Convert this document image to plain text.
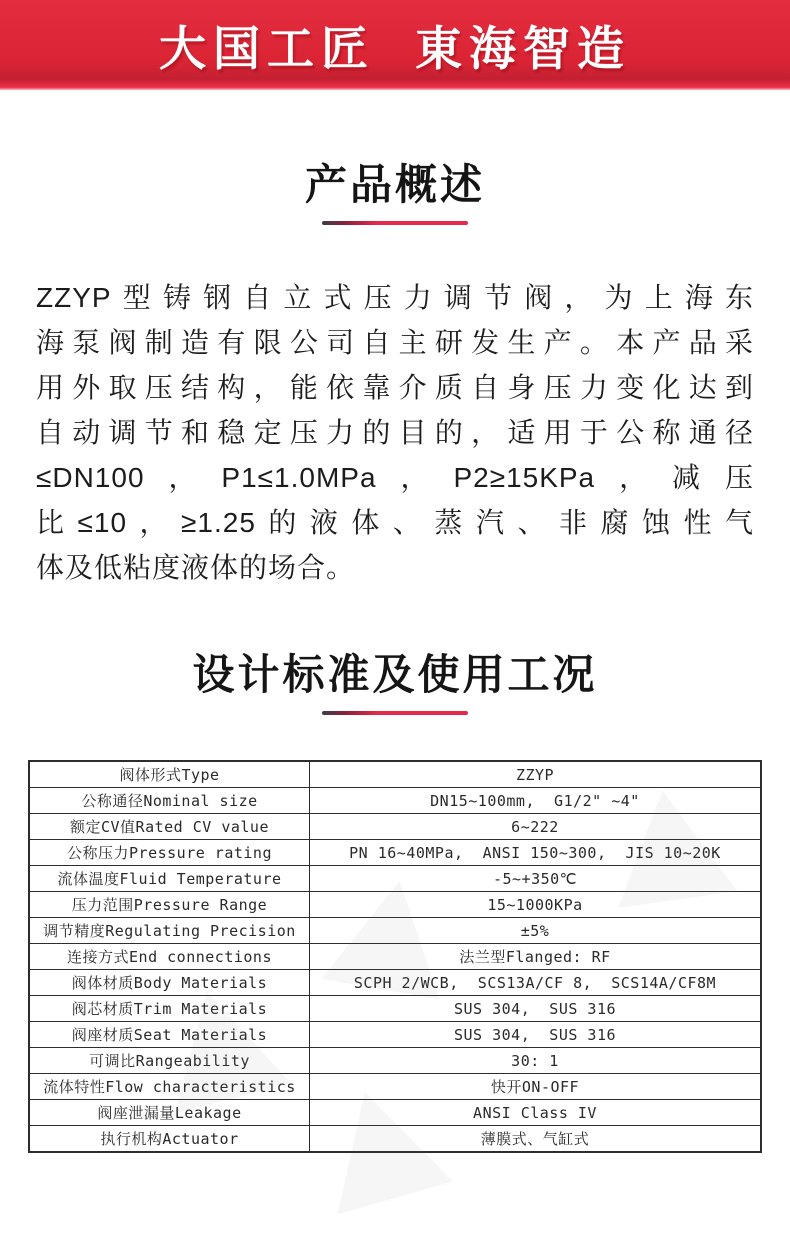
大国工匠 東海智造
产品概述
ZZYP型铸钢自立式压力调节阀，为上海东
海泵阀制造有限公司自主研发生产。本产品采
用外取压结构，能依靠介质自身压力变化达到
自动调节和稳定压力的目的，适用于公称通径
≤DN100，P1≤1.0MPa，P2≥15KPa，减压
比≤10，≥1.25的液体、蒸汽、非腐蚀性气
体及低粘度液体的场合。
设计标准及使用工况
阀体形式Type	ZZYP
公称通径Nominal size	DN15~100mm,  G1/2" ~4"
额定CV值Rated CV value	6~222
公称压力Pressure rating	PN 16~40MPa,  ANSI 150~300,  JIS 10~20K
流体温度Fluid Temperature	-5~+350℃
压力范围Pressure Range	15~1000KPa
调节精度Regulating Precision	±5%
连接方式End connections	法兰型Flanged: RF
阀体材质Body Materials	SCPH 2/WCB,  SCS13A/CF 8,  SCS14A/CF8M
阀芯材质Trim Materials	SUS 304,  SUS 316
阀座材质Seat Materials	SUS 304,  SUS 316
可调比Rangeability	30: 1
流体特性Flow characteristics	快开ON-OFF
阀座泄漏量Leakage	ANSI Class IV
执行机构Actuator	薄膜式、气缸式
